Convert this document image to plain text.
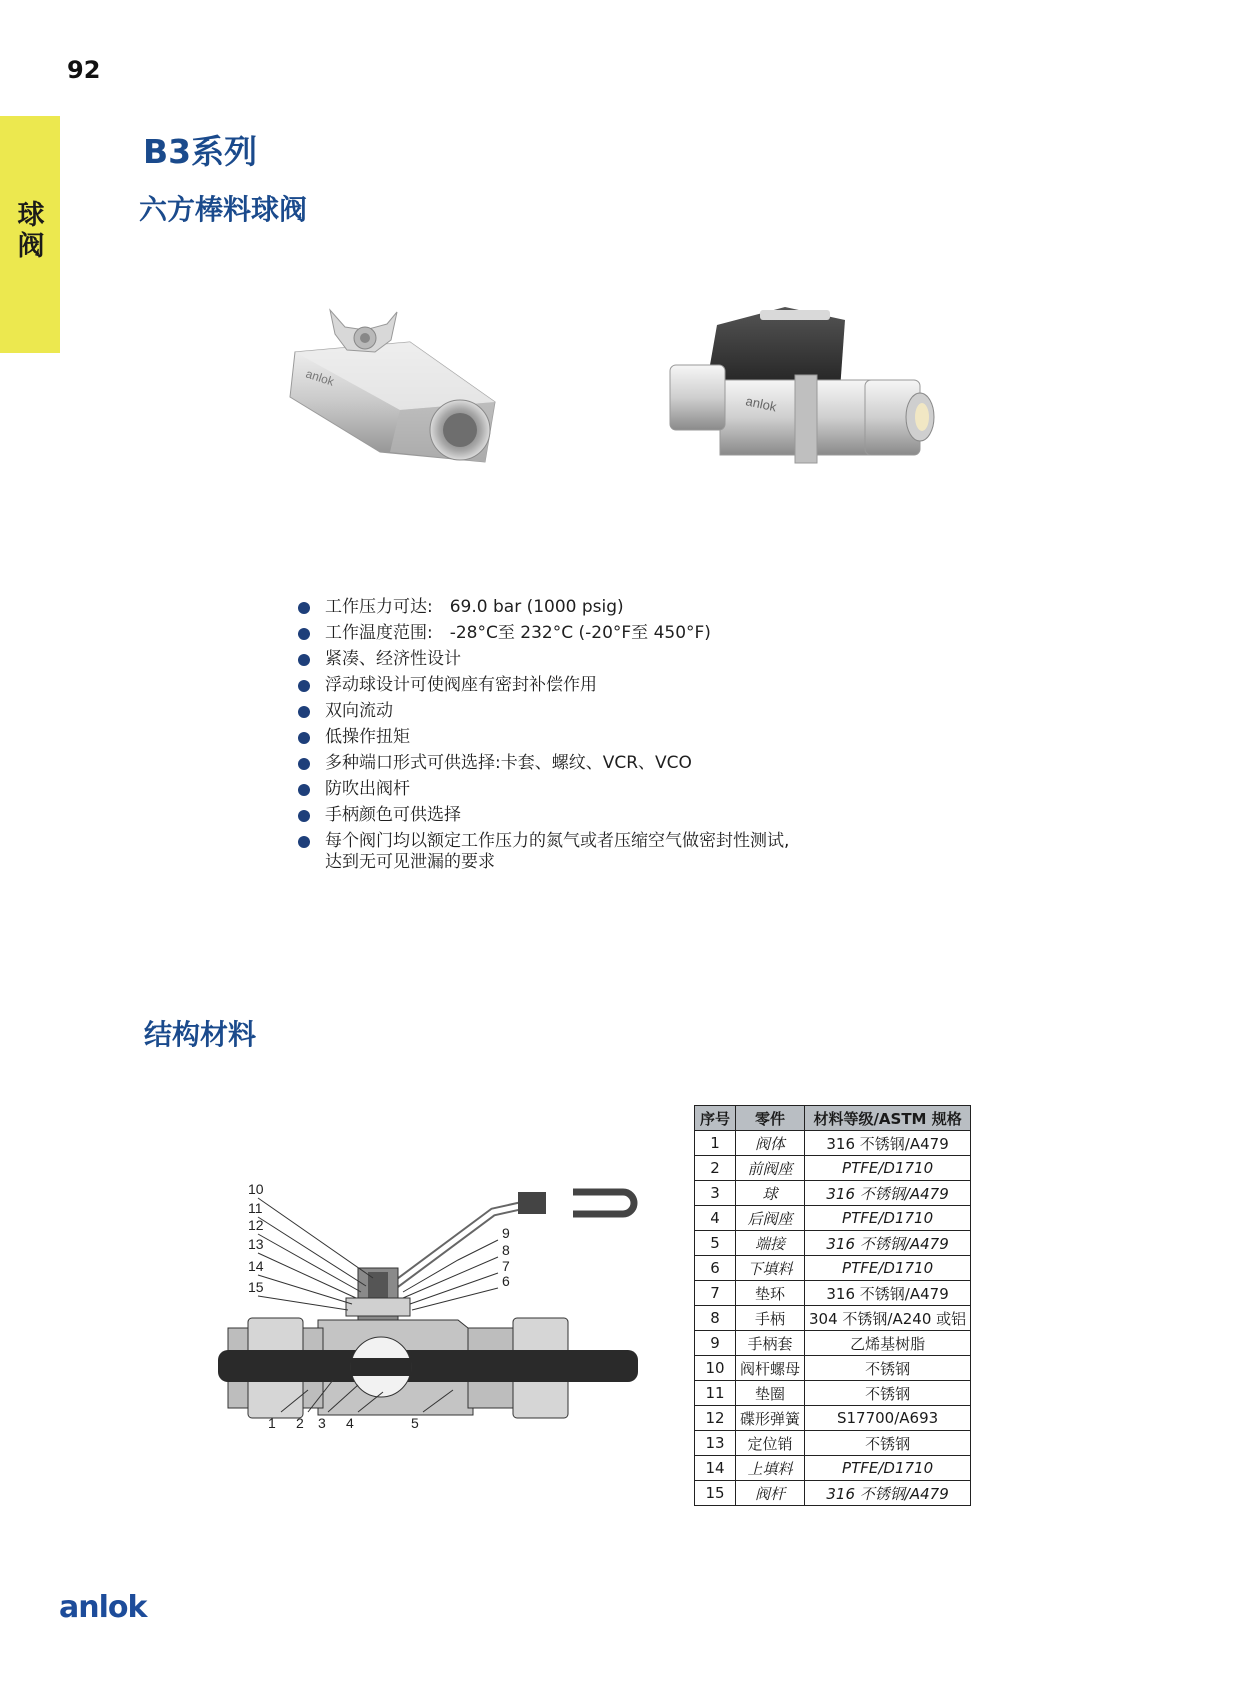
92
球阀
B3系列
六方棒料球阀
anlok
anlok
工作压力可达:　69.0 bar (1000 psig)
工作温度范围:　-28°C至 232°C (-20°F至 450°F)
紧凑、经济性设计
浮动球设计可使阀座有密封补偿作用
双向流动
低操作扭矩
多种端口形式可供选择:卡套、螺纹、VCR、VCO
防吹出阀杆
手柄颜色可供选择
每个阀门均以额定工作压力的氮气或者压缩空气做密封性测试,
达到无可见泄漏的要求
结构材料
10
11
12
13
14
15
9
8
7
6
1 2 3 4	5
序号	零件	材料等级/ASTM 规格
1	阀体	316 不锈钢/A479
2	前阀座	PTFE/D1710
3	球	316 不锈钢/A479
4	后阀座	PTFE/D1710
5	端接	316 不锈钢/A479
6	下填料	PTFE/D1710
7	垫环	316 不锈钢/A479
8	手柄	304 不锈钢/A240 或铝
9	手柄套	乙烯基树脂
10	阀杆螺母	不锈钢
11	垫圈	不锈钢
12	碟形弹簧	S17700/A693
13	定位销	不锈钢
14	上填料	PTFE/D1710
15	阀杆	316 不锈钢/A479
anlok
